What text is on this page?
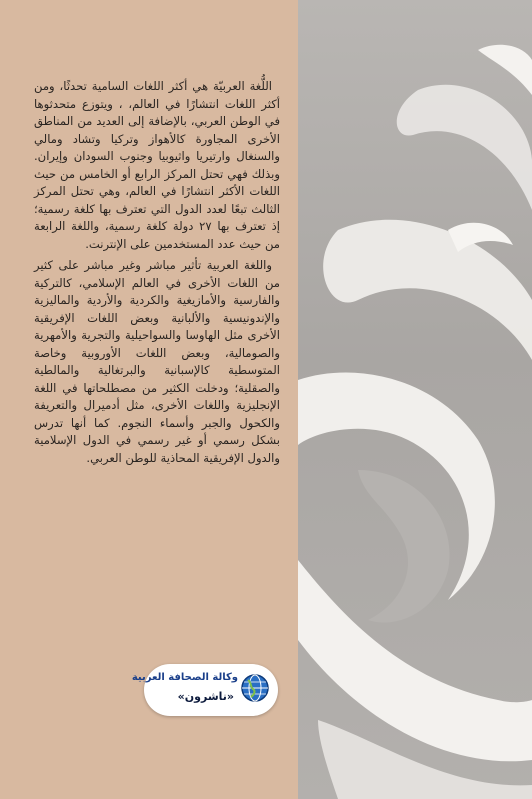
اللُّغة العربيّة هي أكثر اللغات السامية تحدثًا، ومن أكثر اللغات انتشارًا في العالم، ، ويتوزع متحدثوها في الوطن العربي، بالإضافة إلى العديد من المناطق الأخرى المجاورة كالأهواز وتركيا وتشاد ومالي والسنغال وارتيريا واثيوبيا وجنوب السودان وإيران. وبذلك فهي تحتل المركز الرابع أو الخامس من حيث اللغات الأكثر انتشارًا في العالم، وهي تحتل المركز الثالث تبعًا لعدد الدول التي تعترف بها كلغة رسمية؛ إذ تعترف بها ٢٧ دولة كلغة رسمية، واللغة الرابعة من حيث عدد المستخدمين على الإنترنت.

واللغة العربية تأثير مباشر وغير مباشر على كثير من اللغات الأخرى في العالم الإسلامي، كالتركية والفارسية والأمازيغية والكردية والأردية والماليزية والإندونيسية والألبانية وبعض اللغات الإفريقية الأخرى مثل الهاوسا والسواحيلية والتجرية والأمهرية والصومالية، وبعض اللغات الأوروبية وخاصة المتوسطية كالإسبانية والبرتغالية والمالطية والصقلية؛ ودخلت الكثير من مصطلحاتها في اللغة الإنجليزية واللغات الأخرى، مثل أدميرال والتعريفة والكحول والجبر وأسماء النجوم. كما أنها تدرس بشكل رسمي أو غير رسمي في الدول الإسلامية والدول الإفريقية المحاذية للوطن العربي.

وكالة الصحافة العربية
«ناشرون»
